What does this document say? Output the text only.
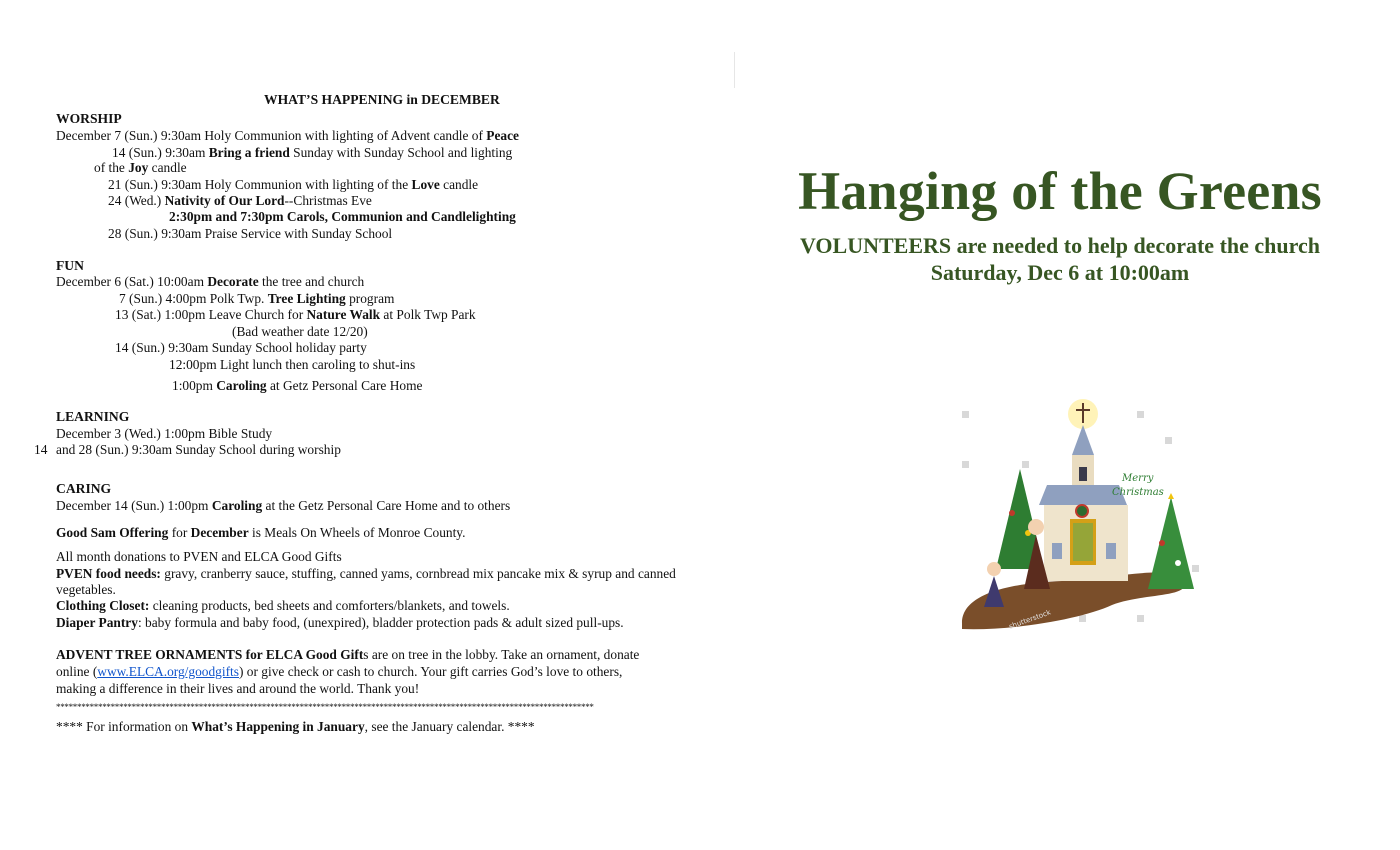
WHAT’S HAPPENING in DECEMBER
WORSHIP
December 7 (Sun.) 9:30am Holy Communion with lighting of Advent candle of Peace
14 (Sun.) 9:30am Bring a friend Sunday with Sunday School and lighting
of the Joy candle
21 (Sun.) 9:30am Holy Communion with lighting of the Love candle
24 (Wed.) Nativity of Our Lord--Christmas Eve
2:30pm and 7:30pm Carols, Communion and Candlelighting
28 (Sun.) 9:30am Praise Service with Sunday School
FUN
December 6 (Sat.) 10:00am Decorate the tree and church
7 (Sun.) 4:00pm Polk Twp. Tree Lighting program
13 (Sat.) 1:00pm Leave Church for Nature Walk at Polk Twp Park
(Bad weather date 12/20)
14 (Sun.) 9:30am Sunday School holiday party
12:00pm Light lunch then caroling to shut-ins
1:00pm Caroling at Getz Personal Care Home
LEARNING
December 3 (Wed.) 1:00pm Bible Study
14 and 28 (Sun.) 9:30am Sunday School during worship
CARING
December 14 (Sun.) 1:00pm Caroling at the Getz Personal Care Home and to others
Good Sam Offering for December is Meals On Wheels of Monroe County.
All month donations to PVEN and ELCA Good Gifts
PVEN food needs: gravy, cranberry sauce, stuffing, canned yams, cornbread mix pancake mix & syrup and canned
vegetables.
Clothing Closet: cleaning products, bed sheets and comforters/blankets, and towels.
Diaper Pantry: baby formula and baby food, (unexpired), bladder protection pads & adult sized pull-ups.
ADVENT TREE ORNAMENTS for ELCA Good Gifts are on tree in the lobby. Take an ornament, donate
online (www.ELCA.org/goodgifts) or give check or cash to church. Your gift carries God’s love to others,
making a difference in their lives and around the world. Thank you!
********************************************************************************************************************************
**** For information on What’s Happening in January, see the January calendar. ****
Hanging of the Greens
VOLUNTEERS are needed to help decorate the church
Saturday, Dec 6 at 10:00am
Merry
Christmas
shutterstock
